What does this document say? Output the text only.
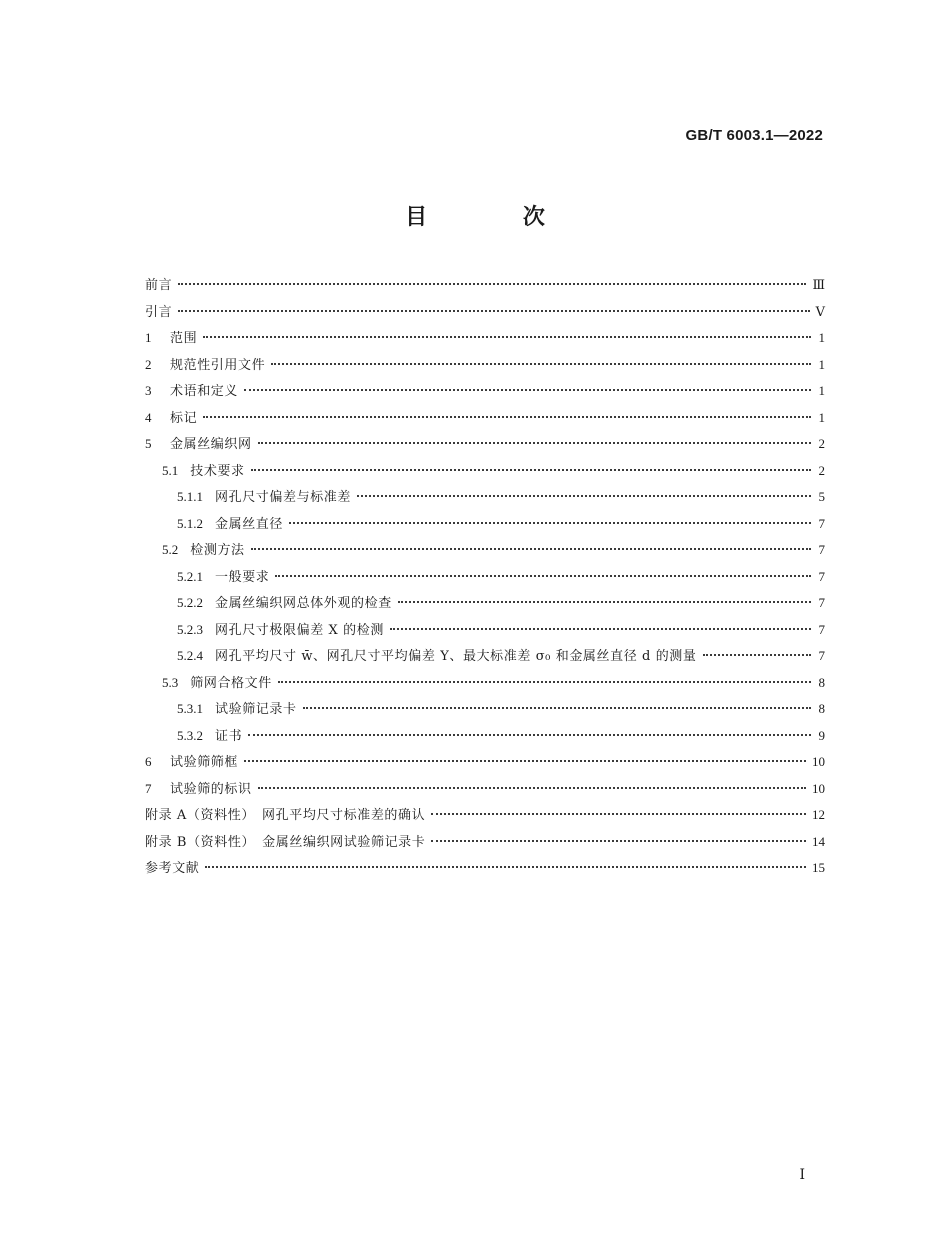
GB/T 6003.1—2022
目 次
前言	Ⅲ
引言	Ⅴ
1	范围	1
2	规范性引用文件	1
3	术语和定义	1
4	标记	1
5	金属丝编织网	2
5.1 技术要求	2
5.1.1 网孔尺寸偏差与标准差	5
5.1.2 金属丝直径	7
5.2 检测方法	7
5.2.1 一般要求	7
5.2.2 金属丝编织网总体外观的检查	7
5.2.3 网孔尺寸极限偏差 X 的检测	7
5.2.4 网孔平均尺寸 w̄、网孔尺寸平均偏差 Y、最大标准差 σ₀ 和金属丝直径 d 的测量	7
5.3 筛网合格文件	8
5.3.1 试验筛记录卡	8
5.3.2 证书	9
6	试验筛筛框	10
7	试验筛的标识	10
附录 A（资料性）　网孔平均尺寸标准差的确认	12
附录 B（资料性）　金属丝编织网试验筛记录卡	14
参考文献	15
Ⅰ
